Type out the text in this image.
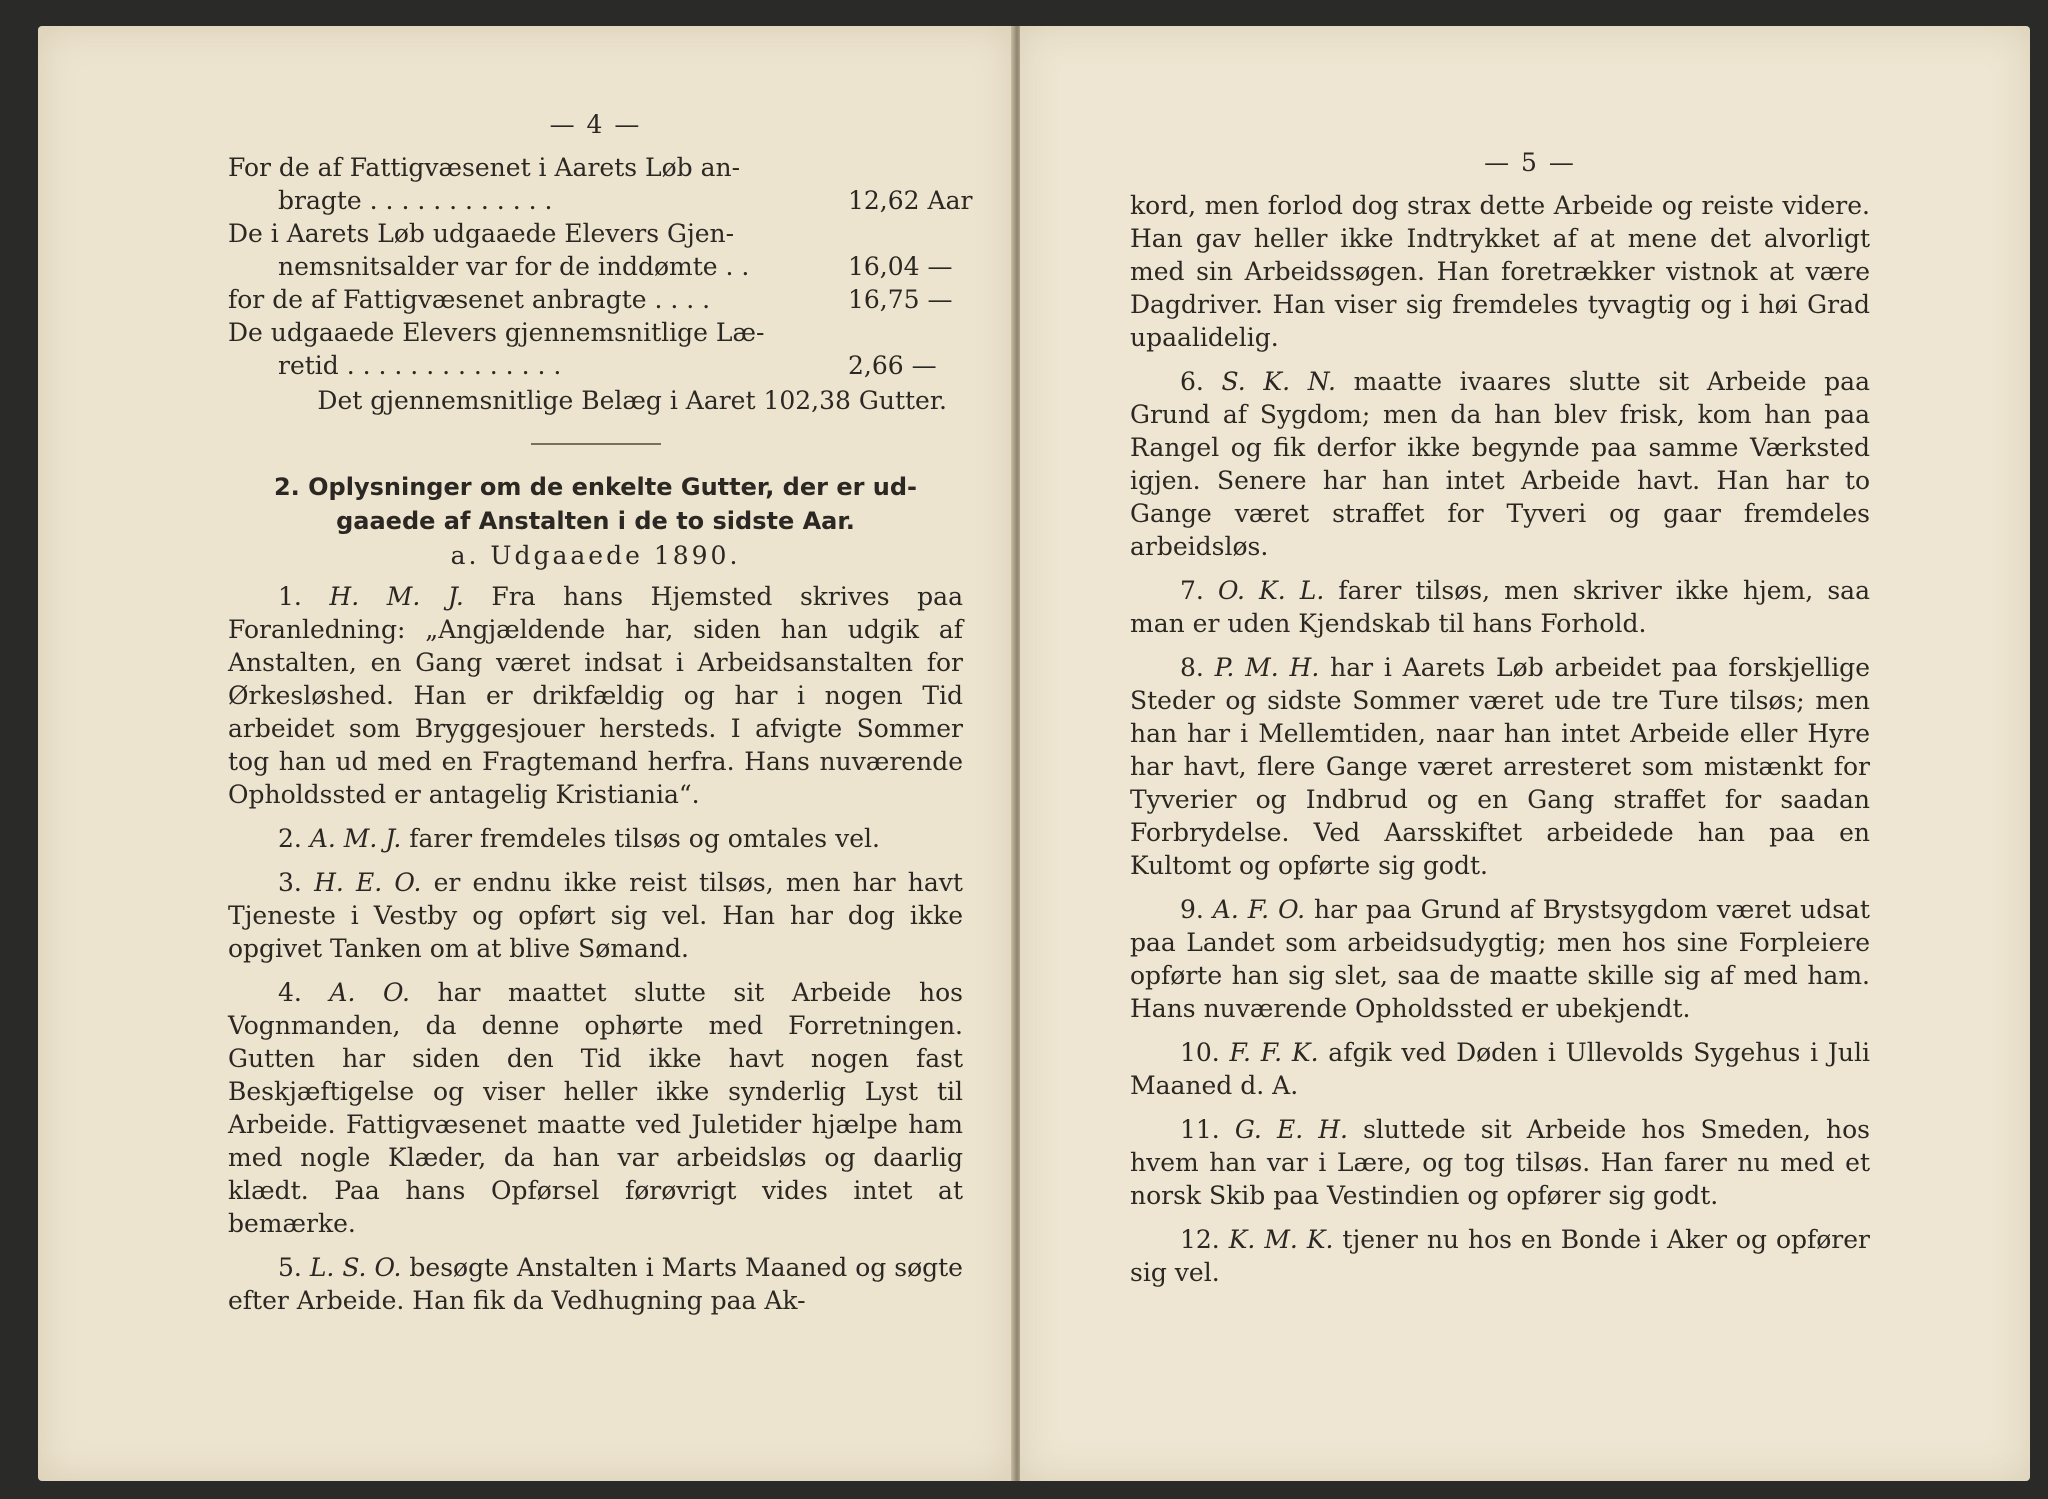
— 4 —
For de af Fattigvæsenet i Aarets Løb an-
bragte . . . . . . . . . . . .	12,62 Aar
De i Aarets Løb udgaaede Elevers Gjen-
nemsnitsalder var for de inddømte . .	16,04 —
for de af Fattigvæsenet anbragte . . . .	16,75 —
De udgaaede Elevers gjennemsnitlige Læ-
retid . . . . . . . . . . . . . .	2,66 —

Det gjennemsnitlige Belæg i Aaret 102,38 Gutter.

2. Oplysninger om de enkelte Gutter, der er ud-
gaaede af Anstalten i de to sidste Aar.
a. Udgaaede 1890.

1. H. M. J. Fra hans Hjemsted skrives paa Foranledning: „Angjældende har, siden han udgik af Anstalten, en Gang været indsat i Arbeidsanstalten for Ørkesløshed. Han er drikfældig og har i nogen Tid arbeidet som Bryggesjouer hersteds. I afvigte Sommer tog han ud med en Fragtemand herfra. Hans nuværende Opholdssted er antagelig Kristiania“.

2. A. M. J. farer fremdeles tilsøs og omtales vel.

3. H. E. O. er endnu ikke reist tilsøs, men har havt Tjeneste i Vestby og opført sig vel. Han har dog ikke opgivet Tanken om at blive Sømand.

4. A. O. har maattet slutte sit Arbeide hos Vognmanden, da denne ophørte med Forretningen. Gutten har siden den Tid ikke havt nogen fast Beskjæftigelse og viser heller ikke synderlig Lyst til Arbeide. Fattigvæsenet maatte ved Juletider hjælpe ham med nogle Klæder, da han var arbeidsløs og daarlig klædt. Paa hans Opførsel førøvrigt vides intet at bemærke.

5. L. S. O. besøgte Anstalten i Marts Maaned og søgte efter Arbeide. Han fik da Vedhugning paa Ak-

— 5 —

kord, men forlod dog strax dette Arbeide og reiste videre. Han gav heller ikke Indtrykket af at mene det alvorligt med sin Arbeidssøgen. Han foretrækker vistnok at være Dagdriver. Han viser sig fremdeles tyvagtig og i høi Grad upaalidelig.

6. S. K. N. maatte ivaares slutte sit Arbeide paa Grund af Sygdom; men da han blev frisk, kom han paa Rangel og fik derfor ikke begynde paa samme Værksted igjen. Senere har han intet Arbeide havt. Han har to Gange været straffet for Tyveri og gaar fremdeles arbeidsløs.

7. O. K. L. farer tilsøs, men skriver ikke hjem, saa man er uden Kjendskab til hans Forhold.

8. P. M. H. har i Aarets Løb arbeidet paa forskjellige Steder og sidste Sommer været ude tre Ture tilsøs; men han har i Mellemtiden, naar han intet Arbeide eller Hyre har havt, flere Gange været arresteret som mistænkt for Tyverier og Indbrud og en Gang straffet for saadan Forbrydelse. Ved Aarsskiftet arbeidede han paa en Kultomt og opførte sig godt.

9. A. F. O. har paa Grund af Brystsygdom været udsat paa Landet som arbeidsudygtig; men hos sine Forpleiere opførte han sig slet, saa de maatte skille sig af med ham. Hans nuværende Opholdssted er ubekjendt.

10. F. F. K. afgik ved Døden i Ullevolds Sygehus i Juli Maaned d. A.

11. G. E. H. sluttede sit Arbeide hos Smeden, hos hvem han var i Lære, og tog tilsøs. Han farer nu med et norsk Skib paa Vestindien og opfører sig godt.

12. K. M. K. tjener nu hos en Bonde i Aker og opfører sig vel.
